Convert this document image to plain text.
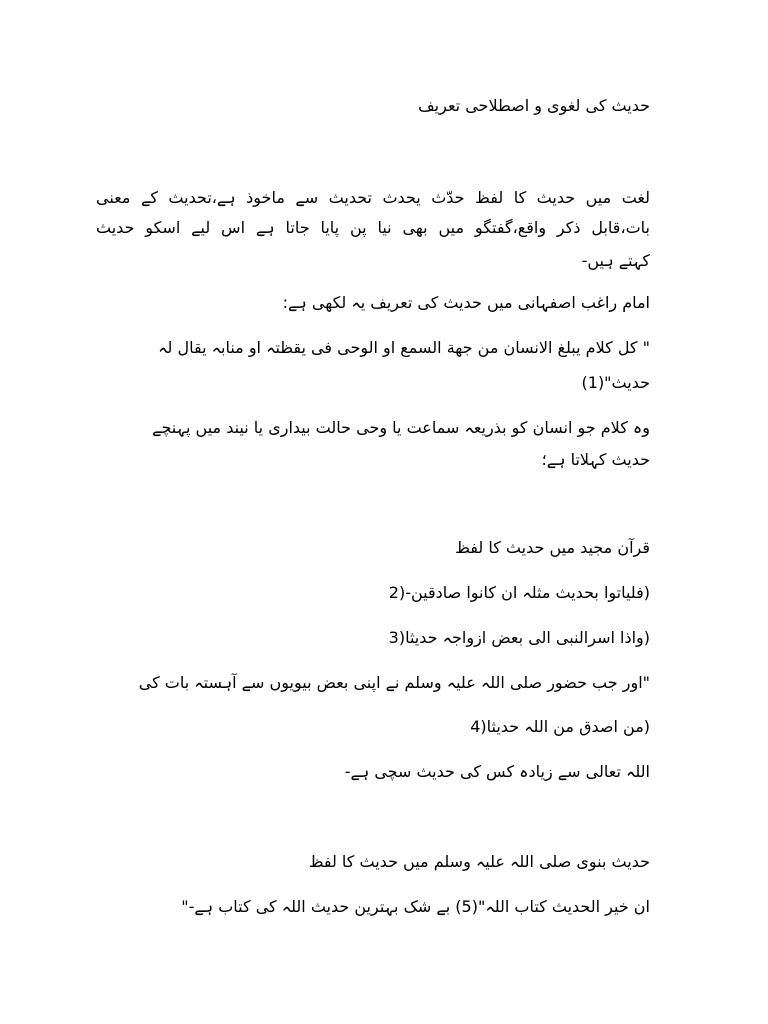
حدیث کی لغوی و اصطلاحی تعریف
لغت میں حدیث کا لفظ حدّث یحدث تحدیث سے ماخوذ ہے،تحدیث کے معنی
بات،قابل ذکر واقع،گفتگو میں بھی نیا پن پایا جاتا ہے اس لیے اسکو حدیث
کہتے ہیں-
امام راغب اصفہانی میں حدیث کی تعریف یہ لکھی ہے:
" کل کلام یبلغ الانسان من جھة السمع او الوحی فی یقظتہ او منابہ یقال لہ
حدیث"(1)
وہ کلام جو انسان کو بذریعہ سماعت یا وحی حالت بیداری یا نیند میں پہنچے
حدیث کہلاتا ہے؛
قرآن مجید میں حدیث کا لفظ
(فلیاتوا بحدیث مثلہ ان کانوا صادقین-(2
(واذا اسرالنبی الی بعض ازواجہ حدیثا(3
"اور جب حضور صلی اللہ علیہ وسلم نے اپنی بعض بیویوں سے آہستہ بات کی
(من اصدق من اللہ حدیثا(4
اللہ تعالی سے زیادہ کس کی حدیث سچی ہے-
حدیث بنوی صلی اللہ علیہ وسلم میں حدیث کا لفظ
ان خیر الحدیث کتاب اللہ"(5) بے شک بہترین حدیث اللہ کی کتاب ہے-"
